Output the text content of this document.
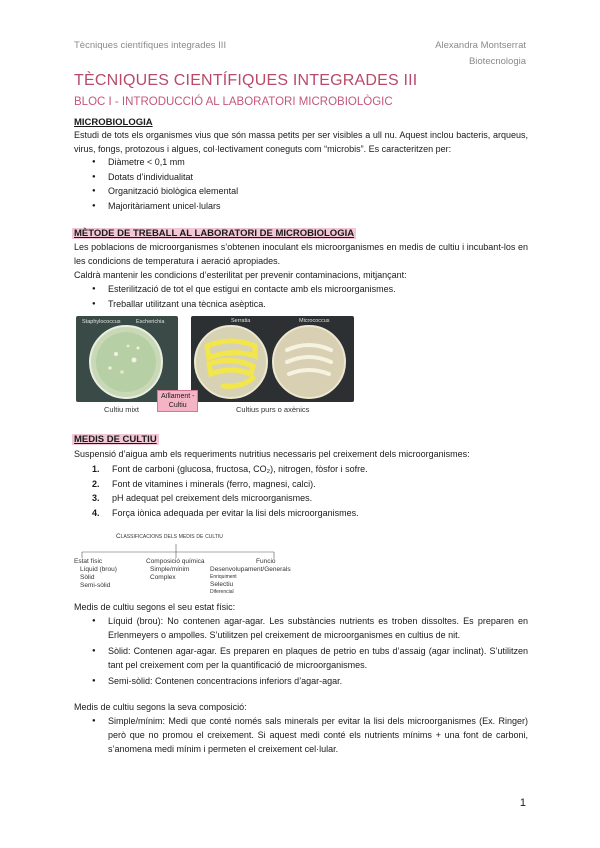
Tècniques científiques integrades III	Alexandra Montserrat
Biotecnologia
TÈCNIQUES CIENTÍFIQUES INTEGRADES III
BLOC I - INTRODUCCIÓ AL LABORATORI MICROBIOLÒGIC
MICROBIOLOGIA
Estudi de tots els organismes vius que són massa petits per ser visibles a ull nu. Aquest inclou bacteris, arqueus, virus, fongs, protozous i algues, col·lectivament coneguts com “microbis”. Es caracteritzen per:
● Diàmetre < 0,1 mm
● Dotats d’individualitat
● Organització biològica elemental
● Majoritàriament unicel·lulars
MÈTODE DE TREBALL AL LABORATORI DE MICROBIOLOGIA
Les poblacions de microorganismes s’obtenen inoculant els microorganismes en medis de cultiu i incubant-los en les condicions de temperatura i aeració apropiades.
Caldrà mantenir les condicions d’esterilitat per prevenir contaminacions, mitjançant:
● Esterilització de tot el que estigui en contacte amb els microorganismes.
● Treballar utilitzant una tècnica asèptica.
Staphylococcus	Escherichia	Serratia	Micrococcus
Aïllament -
Cultiu
Cultiu mixt	Cultius purs o axènics
MEDIS DE CULTIU
Suspensió d’aigua amb els requeriments nutritius necessaris pel creixement dels microorganismes:
1. Font de carboni (glucosa, fructosa, CO₂), nitrogen, fòsfor i sofre.
2. Font de vitamines i minerals (ferro, magnesi, calci).
3. pH adequat pel creixement dels microorganismes.
4. Força iònica adequada per evitar la lisi dels microorganismes.
Classificacions dels medis de cultiu
Estat físic
Líquid (brou)
Sòlid
Semi-sòlid
Composició química
Simple/mínim
Complex
Funció
Desenvolupament/Generals
Enriquiment
Selectiu
Diferencial
Medis de cultiu segons el seu estat físic:
● Líquid (brou): No contenen agar-agar. Les substàncies nutrients es troben dissoltes. Es preparen en Erlenmeyers o ampolles. S’utilitzen pel creixement de microorganismes en cultius de nit.
● Sòlid: Contenen agar-agar. Es preparen en plaques de petrio en tubs d’assaig (agar inclinat). S’utilitzen tant pel creixement com per la quantificació de microorganismes.
● Semi-sòlid: Contenen concentracions inferiors d’agar-agar.
Medis de cultiu segons la seva composició:
● Simple/mínim: Medi que conté només sals minerals per evitar la lisi dels microorganismes (Ex. Ringer) però que no promou el creixement. Si aquest medi conté els nutrients mínims + una font de carboni, s’anomena medi mínim i permeten el creixement cel·lular.
1
